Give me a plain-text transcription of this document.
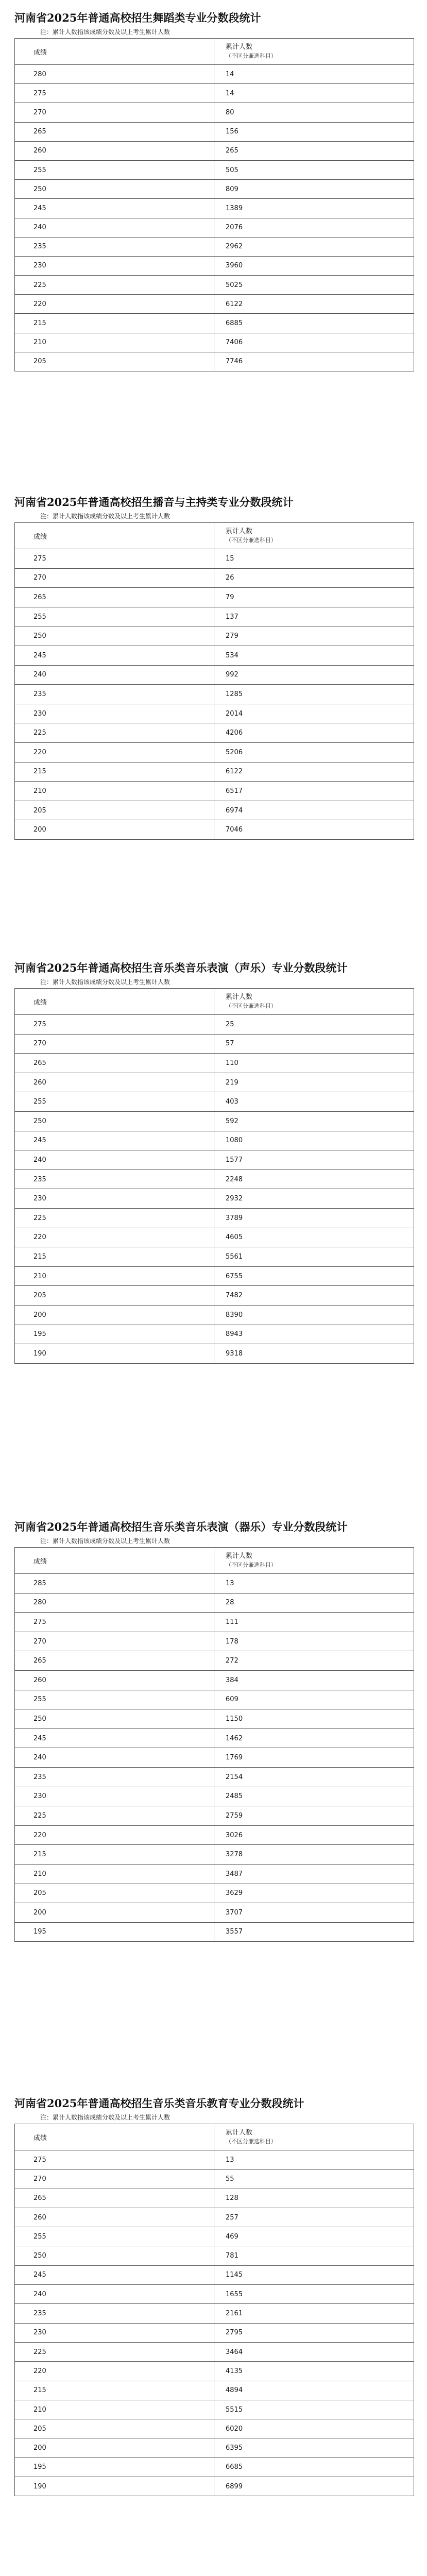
河南省2025年普通高校招生舞蹈类专业分数段统计
注：累计人数指该成绩分数及以上考生累计人数
成绩	累计人数
（不区分兼选科目）

280	14
275	14
270	80
265	156
260	265
255	505
250	809
245	1389
240	2076
235	2962
230	3960
225	5025
220	6122
215	6885
210	7406
205	7746
河南省2025年普通高校招生播音与主持类专业分数段统计
注：累计人数指该成绩分数及以上考生累计人数
成绩	累计人数
（不区分兼选科目）

275	15
270	26
265	79
255	137
250	279
245	534
240	992
235	1285
230	2014
225	4206
220	5206
215	6122
210	6517
205	6974
200	7046
河南省2025年普通高校招生音乐类音乐表演（声乐）专业分数段统计
注：累计人数指该成绩分数及以上考生累计人数
成绩	累计人数
（不区分兼选科目）

275	25
270	57
265	110
260	219
255	403
250	592
245	1080
240	1577
235	2248
230	2932
225	3789
220	4605
215	5561
210	6755
205	7482
200	8390
195	8943
190	9318
河南省2025年普通高校招生音乐类音乐表演（器乐）专业分数段统计
注：累计人数指该成绩分数及以上考生累计人数
成绩	累计人数
（不区分兼选科目）

285	13
280	28
275	111
270	178
265	272
260	384
255	609
250	1150
245	1462
240	1769
235	2154
230	2485
225	2759
220	3026
215	3278
210	3487
205	3629
200	3707
195	3557
河南省2025年普通高校招生音乐类音乐教育专业分数段统计
注：累计人数指该成绩分数及以上考生累计人数
成绩	累计人数
（不区分兼选科目）

275	13
270	55
265	128
260	257
255	469
250	781
245	1145
240	1655
235	2161
230	2795
225	3464
220	4135
215	4894
210	5515
205	6020
200	6395
195	6685
190	6899
